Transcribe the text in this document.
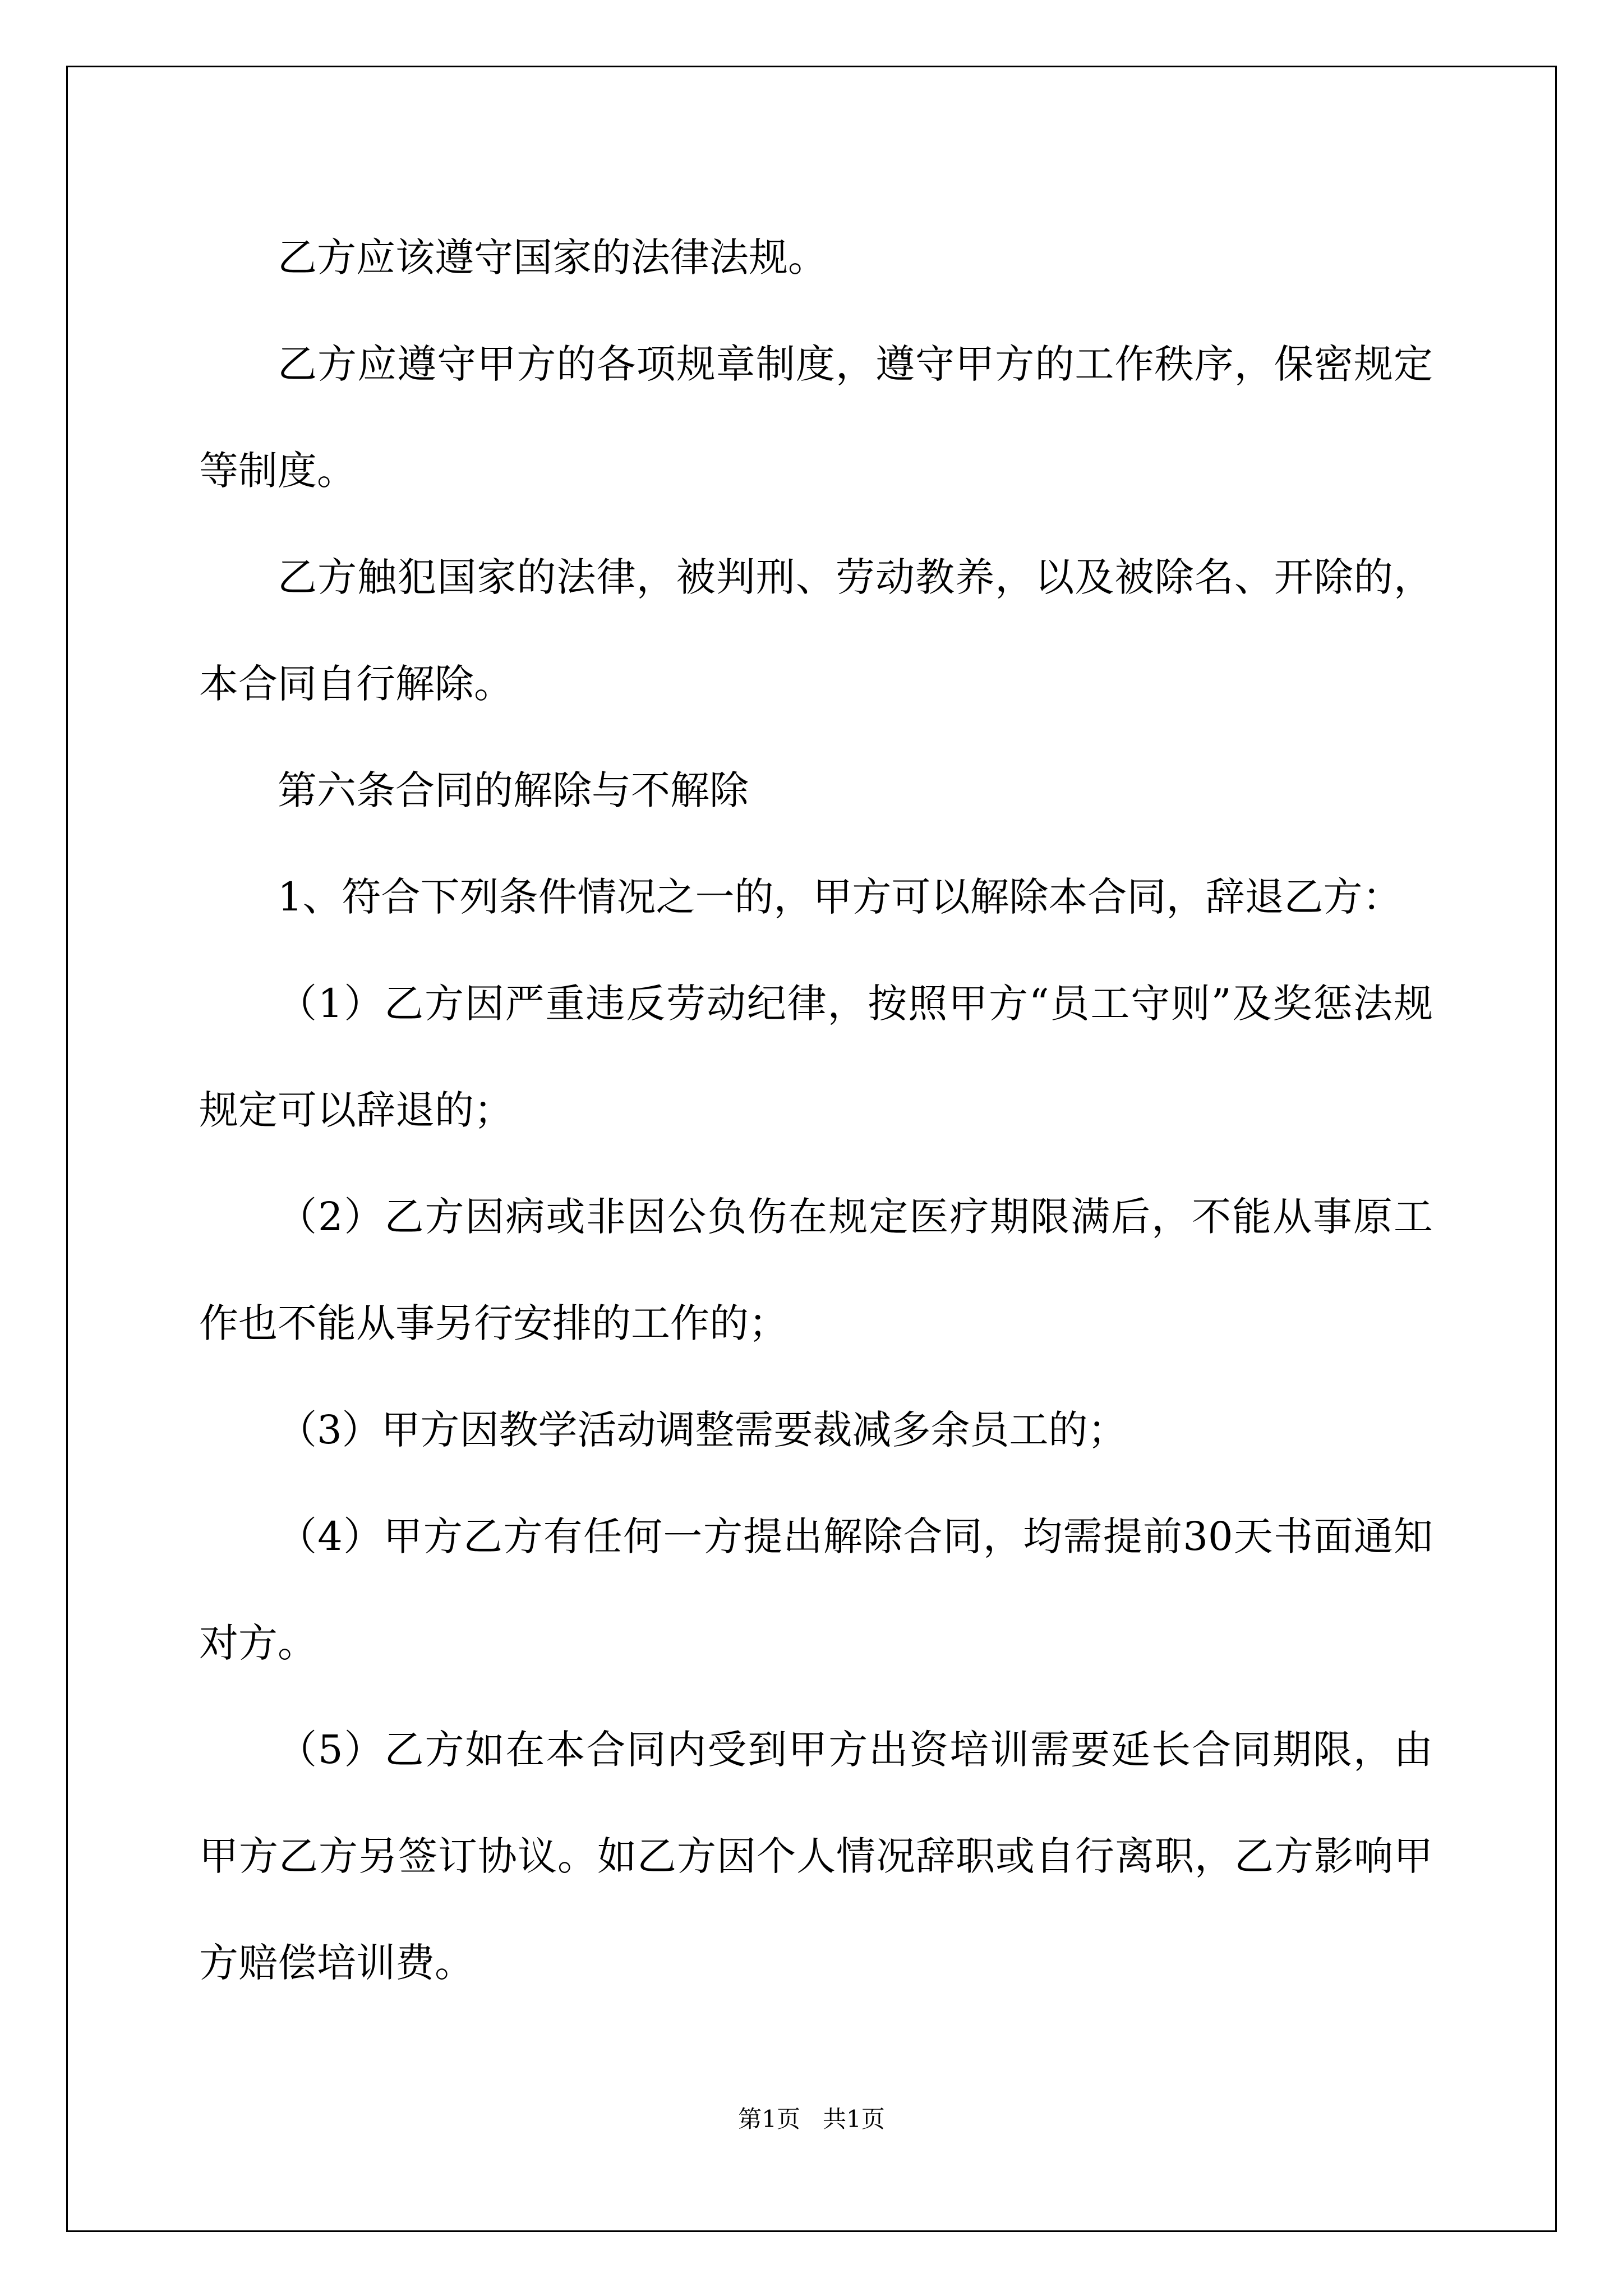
乙方应该遵守国家的法律法规。

乙方应遵守甲方的各项规章制度，遵守甲方的工作秩序，保密规定等制度。

乙方触犯国家的法律，被判刑、劳动教养，以及被除名、开除的，本合同自行解除。

第六条合同的解除与不解除

1、符合下列条件情况之一的，甲方可以解除本合同，辞退乙方：

（1）乙方因严重违反劳动纪律，按照甲方“员工守则”及奖惩法规规定可以辞退的；

（2）乙方因病或非因公负伤在规定医疗期限满后，不能从事原工作也不能从事另行安排的工作的；

（3）甲方因教学活动调整需要裁减多余员工的；

（4）甲方乙方有任何一方提出解除合同，均需提前30天书面通知对方。

（5）乙方如在本合同内受到甲方出资培训需要延长合同期限，由甲方乙方另签订协议。如乙方因个人情况辞职或自行离职，乙方影响甲方赔偿培训费。

第1页 共1页
